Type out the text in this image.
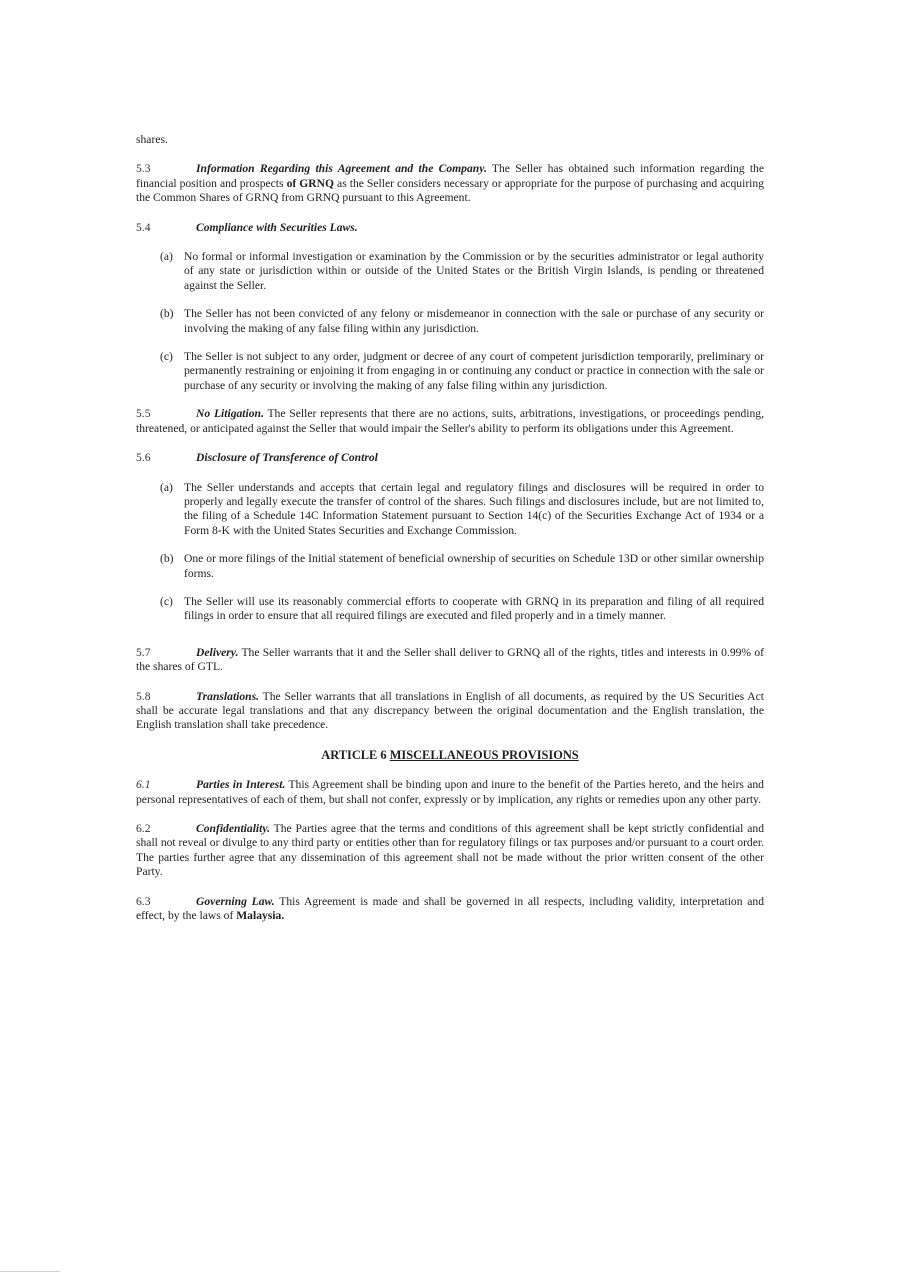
shares.

5.3	Information Regarding this Agreement and the Company. The Seller has obtained such information regarding the financial position and prospects of GRNQ as the Seller considers necessary or appropriate for the purpose of purchasing and acquiring the Common Shares of GRNQ from GRNQ pursuant to this Agreement.

5.4	Compliance with Securities Laws.

(a) No formal or informal investigation or examination by the Commission or by the securities administrator or legal authority of any state or jurisdiction within or outside of the United States or the British Virgin Islands, is pending or threatened against the Seller.
(b) The Seller has not been convicted of any felony or misdemeanor in connection with the sale or purchase of any security or involving the making of any false filing within any jurisdiction.
(c) The Seller is not subject to any order, judgment or decree of any court of competent jurisdiction temporarily, preliminary or permanently restraining or enjoining it from engaging in or continuing any conduct or practice in connection with the sale or purchase of any security or involving the making of any false filing within any jurisdiction.

5.5	No Litigation. The Seller represents that there are no actions, suits, arbitrations, investigations, or proceedings pending, threatened, or anticipated against the Seller that would impair the Seller's ability to perform its obligations under this Agreement.

5.6	Disclosure of Transference of Control

(a) The Seller understands and accepts that certain legal and regulatory filings and disclosures will be required in order to properly and legally execute the transfer of control of the shares. Such filings and disclosures include, but are not limited to, the filing of a Schedule 14C Information Statement pursuant to Section 14(c) of the Securities Exchange Act of 1934 or a Form 8-K with the United States Securities and Exchange Commission.
(b) One or more filings of the Initial statement of beneficial ownership of securities on Schedule 13D or other similar ownership forms.
(c) The Seller will use its reasonably commercial efforts to cooperate with GRNQ in its preparation and filing of all required filings in order to ensure that all required filings are executed and filed properly and in a timely manner.

5.7	Delivery. The Seller warrants that it and the Seller shall deliver to GRNQ all of the rights, titles and interests in 0.99% of the shares of GTL.

5.8	Translations. The Seller warrants that all translations in English of all documents, as required by the US Securities Act shall be accurate legal translations and that any discrepancy between the original documentation and the English translation, the English translation shall take precedence.

ARTICLE 6 MISCELLANEOUS PROVISIONS

6.1	Parties in Interest. This Agreement shall be binding upon and inure to the benefit of the Parties hereto, and the heirs and personal representatives of each of them, but shall not confer, expressly or by implication, any rights or remedies upon any other party.

6.2	Confidentiality. The Parties agree that the terms and conditions of this agreement shall be kept strictly confidential and shall not reveal or divulge to any third party or entities other than for regulatory filings or tax purposes and/or pursuant to a court order. The parties further agree that any dissemination of this agreement shall not be made without the prior written consent of the other Party.

6.3	Governing Law. This Agreement is made and shall be governed in all respects, including validity, interpretation and effect, by the laws of Malaysia.
